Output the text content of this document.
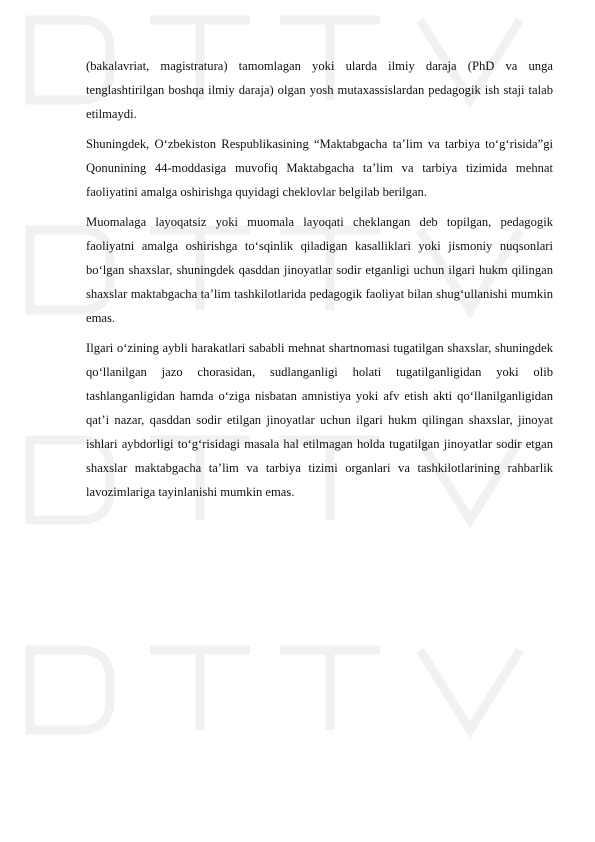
(bakalavriat, magistratura) tamomlagan yoki ularda ilmiy daraja (PhD va unga tenglashtirilgan boshqa ilmiy daraja) olgan yosh mutaxassislardan pedagogik ish staji talab etilmaydi.

Shuningdek, O‘zbekiston Respublikasining “Maktabgacha ta’lim va tarbiya to‘g‘risida”gi Qonunining 44-moddasiga muvofiq Maktabgacha ta’lim va tarbiya tizimida mehnat faoliyatini amalga oshirishga quyidagi cheklovlar belgilab berilgan.

Muomalaga layoqatsiz yoki muomala layoqati cheklangan deb topilgan, pedagogik faoliyatni amalga oshirishga to‘sqinlik qiladigan kasalliklari yoki jismoniy nuqsonlari bo‘lgan shaxslar, shuningdek qasddan jinoyatlar sodir etganligi uchun ilgari hukm qilingan shaxslar maktabgacha ta’lim tashkilotlarida pedagogik faoliyat bilan shug‘ullanishi mumkin emas.

Ilgari o‘zining aybli harakatlari sababli mehnat shartnomasi tugatilgan shaxslar, shuningdek qo‘llanilgan jazo chorasidan, sudlanganligi holati tugatilganligidan yoki olib tashlanganligidan hamda o‘ziga nisbatan amnistiya yoki afv etish akti qo‘llanilganligidan qat’i nazar, qasddan sodir etilgan jinoyatlar uchun ilgari hukm qilingan shaxslar, jinoyat ishlari aybdorligi to‘g‘risidagi masala hal etilmagan holda tugatilgan jinoyatlar sodir etgan shaxslar maktabgacha ta’lim va tarbiya tizimi organlari va tashkilotlarining rahbarlik lavozimlariga tayinlanishi mumkin emas.
